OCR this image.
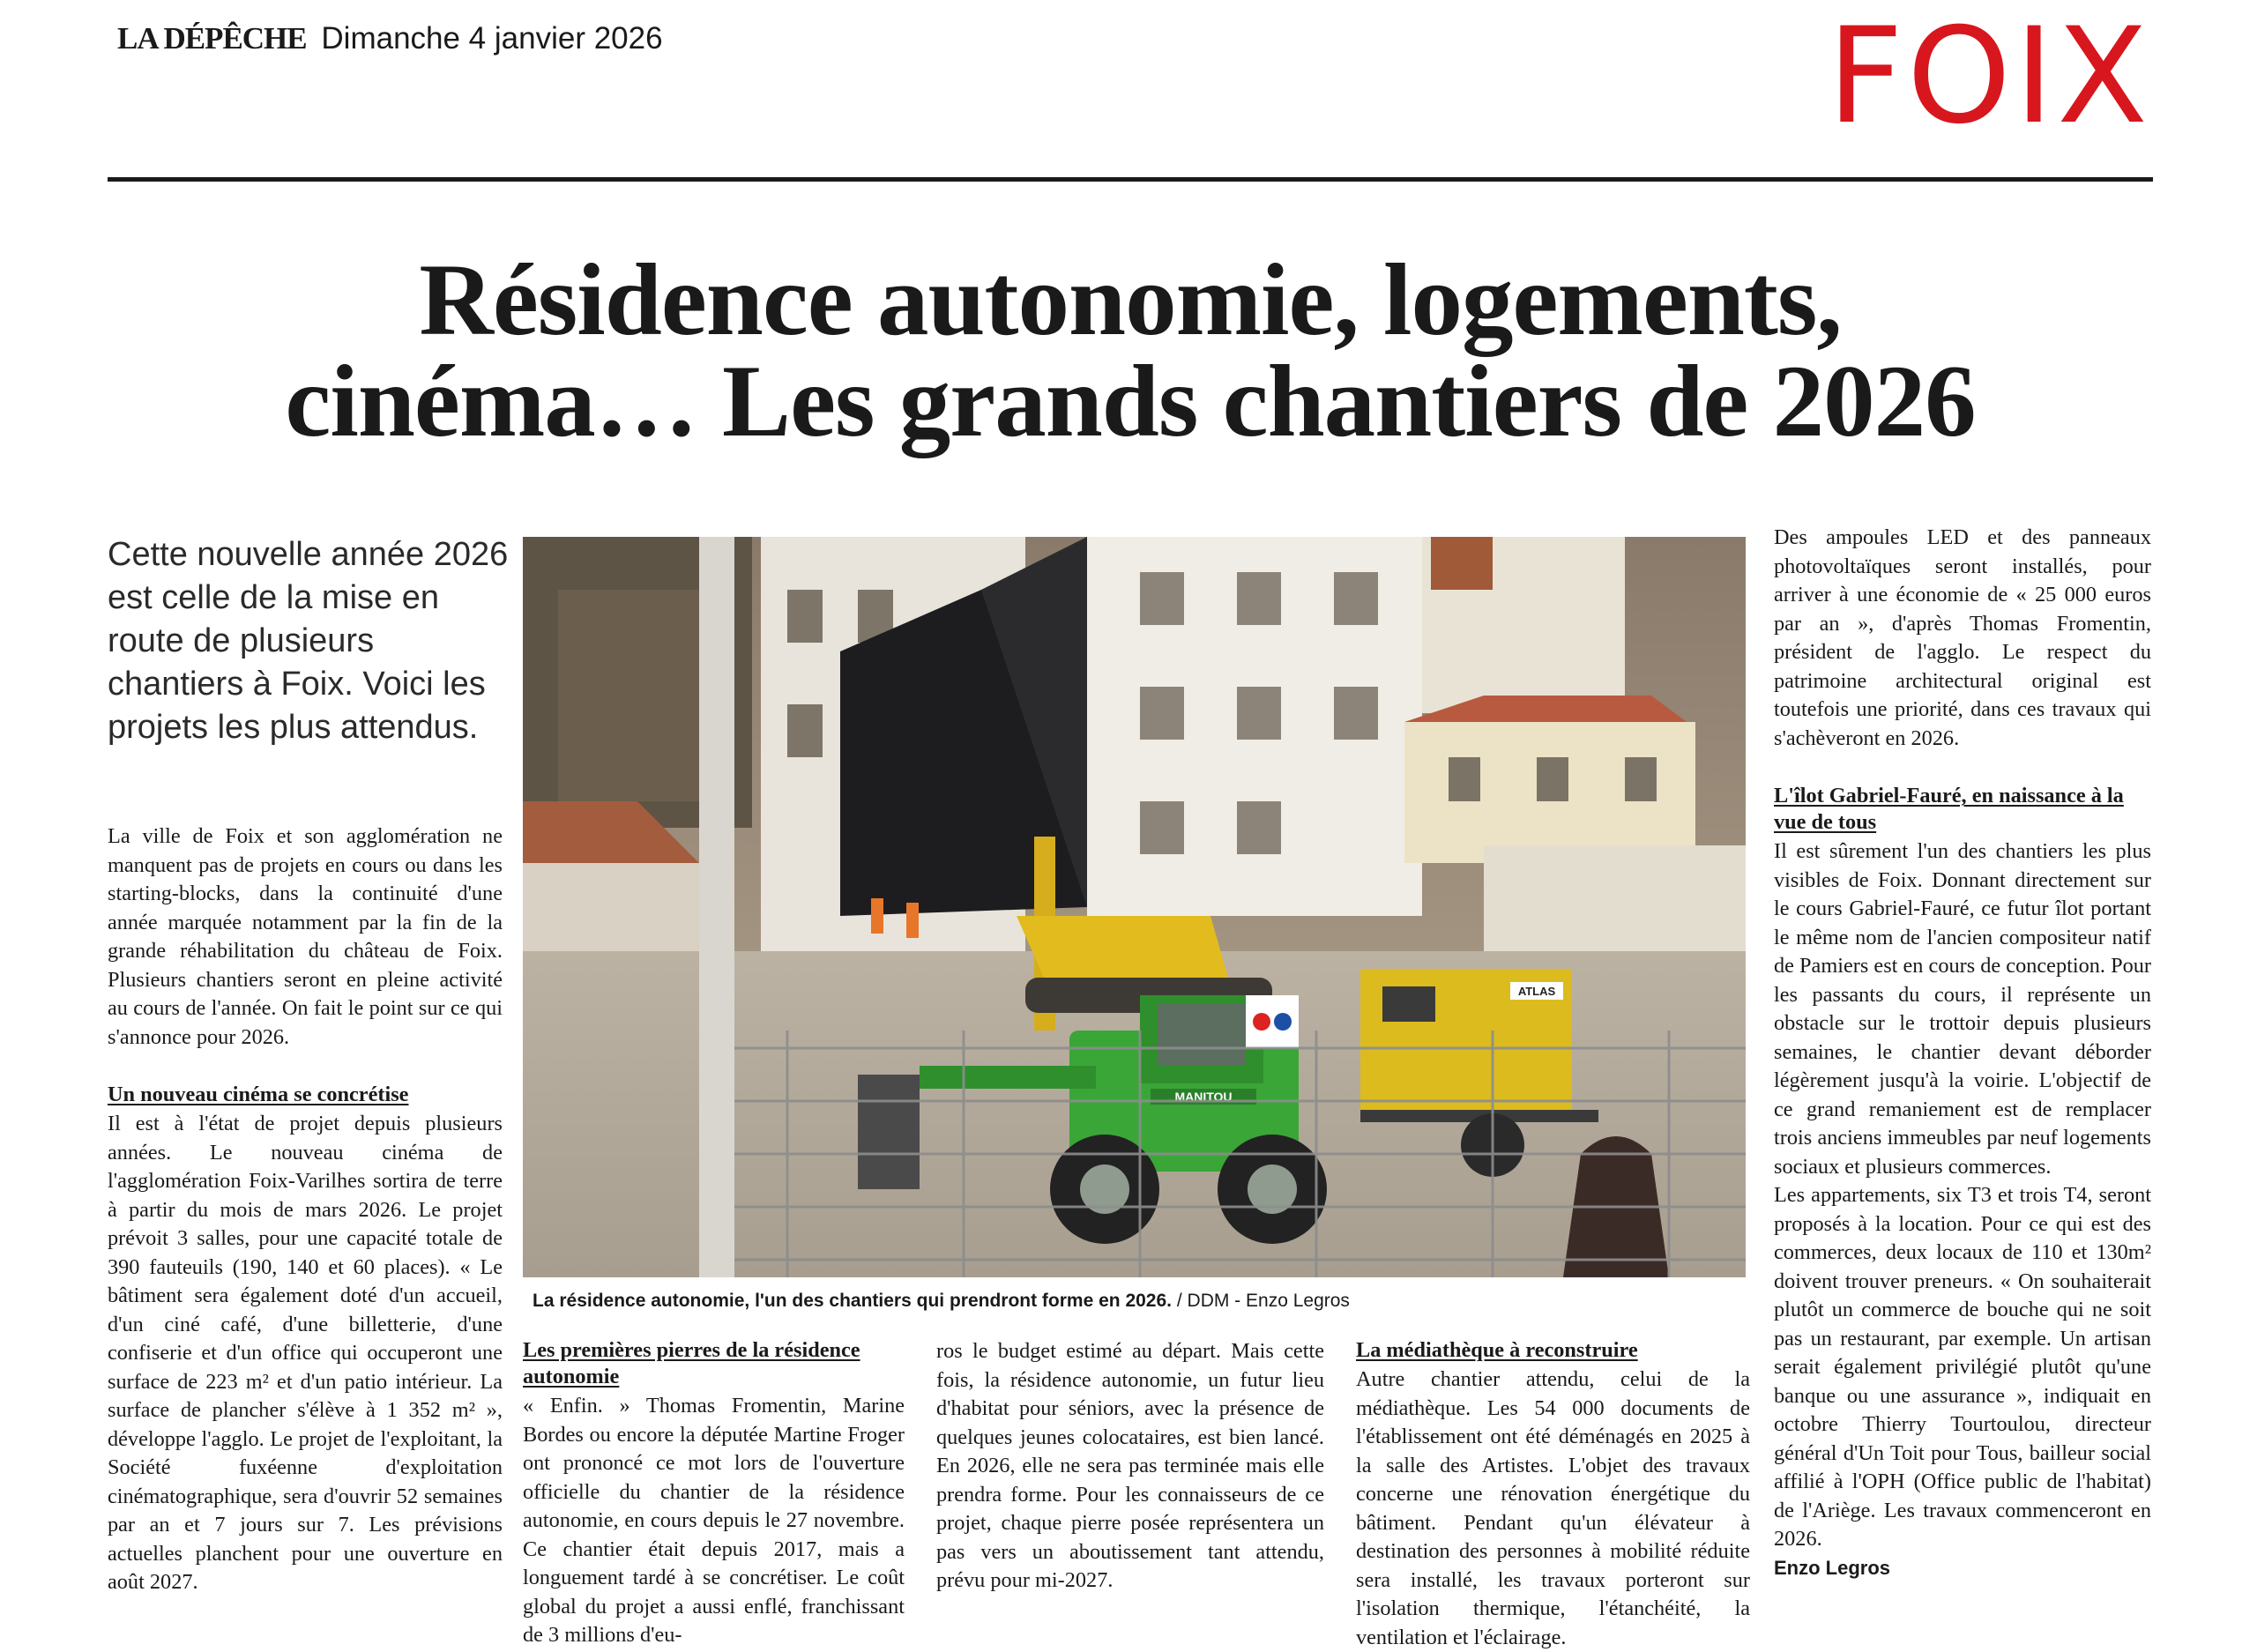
LA DÉPÊCHE Dimanche 4 janvier 2026	FOIX
Résidence autonomie, logements,
cinéma… Les grands chantiers de 2026
Cette nouvelle année 2026 est celle de la mise en route de plusieurs chantiers à Foix. Voici les projets les plus attendus.

La ville de Foix et son agglomération ne manquent pas de projets en cours ou dans les starting-blocks, dans la continuité d'une année marquée notamment par la fin de la grande réhabilitation du château de Foix. Plusieurs chantiers seront en pleine activité au cours de l'année. On fait le point sur ce qui s'annonce pour 2026.

Un nouveau cinéma se concrétise

Il est à l'état de projet depuis plusieurs années. Le nouveau cinéma de l'agglomération Foix-Varilhes sortira de terre à partir du mois de mars 2026. Le projet prévoit 3 salles, pour une capacité totale de 390 fauteuils (190, 140 et 60 places). « Le bâtiment sera également doté d'un accueil, d'un ciné café, d'une billetterie, d'une confiserie et d'un office qui occuperont une surface de 223 m² et d'un patio intérieur. La surface de plancher s'élève à 1 352 m² », développe l'agglo. Le projet de l'exploitant, la Société fuxéenne d'exploitation cinématographique, sera d'ouvrir 52 semaines par an et 7 jours sur 7. Les prévisions actuelles planchent pour une ouverture en août 2027.

MANITOU
ATLAS
La résidence autonomie, l'un des chantiers qui prendront forme en 2026. / DDM - Enzo Legros

Les premières pierres de la résidence autonomie

« Enfin. » Thomas Fromentin, Marine Bordes ou encore la députée Martine Froger ont prononcé ce mot lors de l'ouverture officielle du chantier de la résidence autonomie, en cours depuis le 27 novembre. Ce chantier était depuis 2017, mais a longuement tardé à se concrétiser. Le coût global du projet a aussi enflé, franchissant de 3 millions d'eu-

ros le budget estimé au départ. Mais cette fois, la résidence autonomie, un futur lieu d'habitat pour séniors, avec la présence de quelques jeunes colocataires, est bien lancé. En 2026, elle ne sera pas terminée mais elle prendra forme. Pour les connaisseurs de ce projet, chaque pierre posée représentera un pas vers un aboutissement tant attendu, prévu pour mi-2027.

La médiathèque à reconstruire

Autre chantier attendu, celui de la médiathèque. Les 54 000 documents de l'établissement ont été déménagés en 2025 à la salle des Artistes. L'objet des travaux concerne une rénovation énergétique du bâtiment. Pendant qu'un élévateur à destination des personnes à mobilité réduite sera installé, les travaux porteront sur l'isolation thermique, l'étanchéité, la ventilation et l'éclairage.

Des ampoules LED et des panneaux photovoltaïques seront installés, pour arriver à une économie de « 25 000 euros par an », d'après Thomas Fromentin, président de l'agglo. Le respect du patrimoine architectural original est toutefois une priorité, dans ces travaux qui s'achèveront en 2026.

L'îlot Gabriel-Fauré, en naissance à la vue de tous

Il est sûrement l'un des chantiers les plus visibles de Foix. Donnant directement sur le cours Gabriel-Fauré, ce futur îlot portant le même nom de l'ancien compositeur natif de Pamiers est en cours de conception. Pour les passants du cours, il représente un obstacle sur le trottoir depuis plusieurs semaines, le chantier devant déborder légèrement jusqu'à la voirie. L'objectif de ce grand remaniement est de remplacer trois anciens immeubles par neuf logements sociaux et plusieurs commerces.

Les appartements, six T3 et trois T4, seront proposés à la location. Pour ce qui est des commerces, deux locaux de 110 et 130m² doivent trouver preneurs. « On souhaiterait plutôt un commerce de bouche qui ne soit pas un restaurant, par exemple. Un artisan serait également privilégié plutôt qu'une banque ou une assurance », indiquait en octobre Thierry Tourtoulou, directeur général d'Un Toit pour Tous, bailleur social affilié à l'OPH (Office public de l'habitat) de l'Ariège. Les travaux commenceront en 2026.

Enzo Legros
